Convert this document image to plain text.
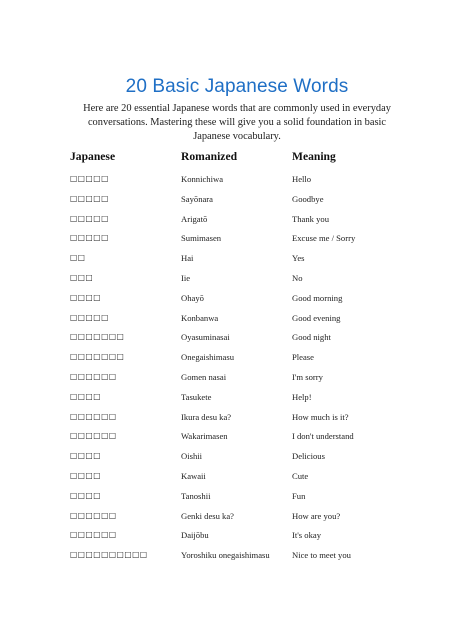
20 Basic Japanese Words

Here are 20 essential Japanese words that are commonly used in everyday conversations. Mastering these will give you a solid foundation in basic Japanese vocabulary.

Japanese	Romanized	Meaning
□□□□□	Konnichiwa	Hello
□□□□□	Sayōnara	Goodbye
□□□□□	Arigatō	Thank you
□□□□□	Sumimasen	Excuse me / Sorry
□□	Hai	Yes
□□□	Iie	No
□□□□	Ohayō	Good morning
□□□□□	Konbanwa	Good evening
□□□□□□□	Oyasuminasai	Good night
□□□□□□□	Onegaishimasu	Please
□□□□□□	Gomen nasai	I'm sorry
□□□□	Tasukete	Help!
□□□□□□	Ikura desu ka?	How much is it?
□□□□□□	Wakarimasen	I don't understand
□□□□	Oishii	Delicious
□□□□	Kawaii	Cute
□□□□	Tanoshii	Fun
□□□□□□	Genki desu ka?	How are you?
□□□□□□	Daijōbu	It's okay
□□□□□□□□□□	Yoroshiku onegaishimasu	Nice to meet you
